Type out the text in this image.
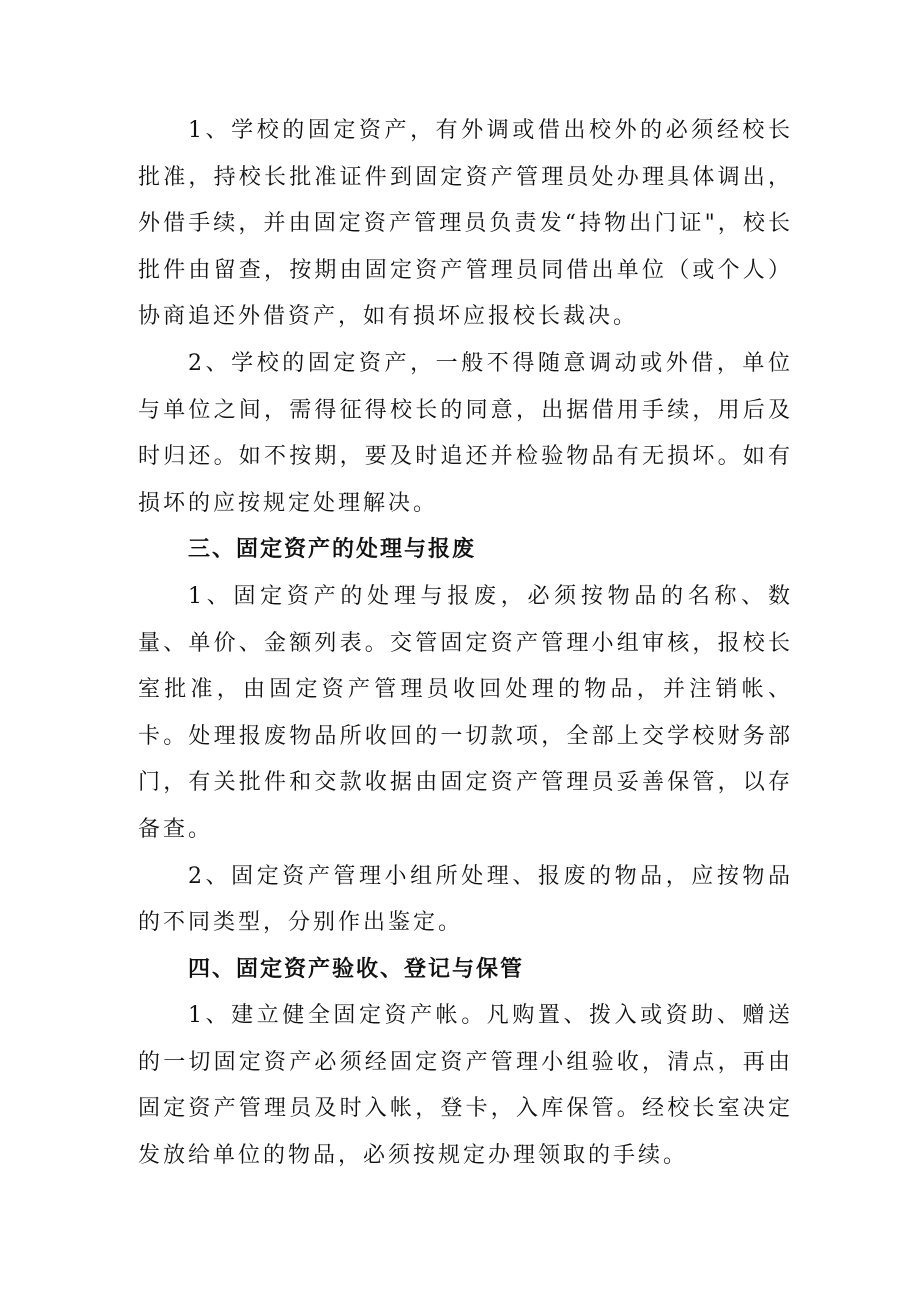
1、学校的固定资产，有外调或借出校外的必须经校长批准，持校长批准证件到固定资产管理员处办理具体调出，外借手续，并由固定资产管理员负责发“持物出门证"，校长批件由留查，按期由固定资产管理员同借出单位（或个人）协商追还外借资产，如有损坏应报校长裁决。

2、学校的固定资产，一般不得随意调动或外借，单位与单位之间，需得征得校长的同意，出据借用手续，用后及时归还。如不按期，要及时追还并检验物品有无损坏。如有损坏的应按规定处理解决。

三、固定资产的处理与报废

1、固定资产的处理与报废，必须按物品的名称、数量、单价、金额列表。交管固定资产管理小组审核，报校长室批准，由固定资产管理员收回处理的物品，并注销帐、卡。处理报废物品所收回的一切款项，全部上交学校财务部门，有关批件和交款收据由固定资产管理员妥善保管，以存备查。

2、固定资产管理小组所处理、报废的物品，应按物品的不同类型，分别作出鉴定。

四、固定资产验收、登记与保管

1、建立健全固定资产帐。凡购置、拨入或资助、赠送的一切固定资产必须经固定资产管理小组验收，清点，再由固定资产管理员及时入帐，登卡，入库保管。经校长室决定发放给单位的物品，必须按规定办理领取的手续。
